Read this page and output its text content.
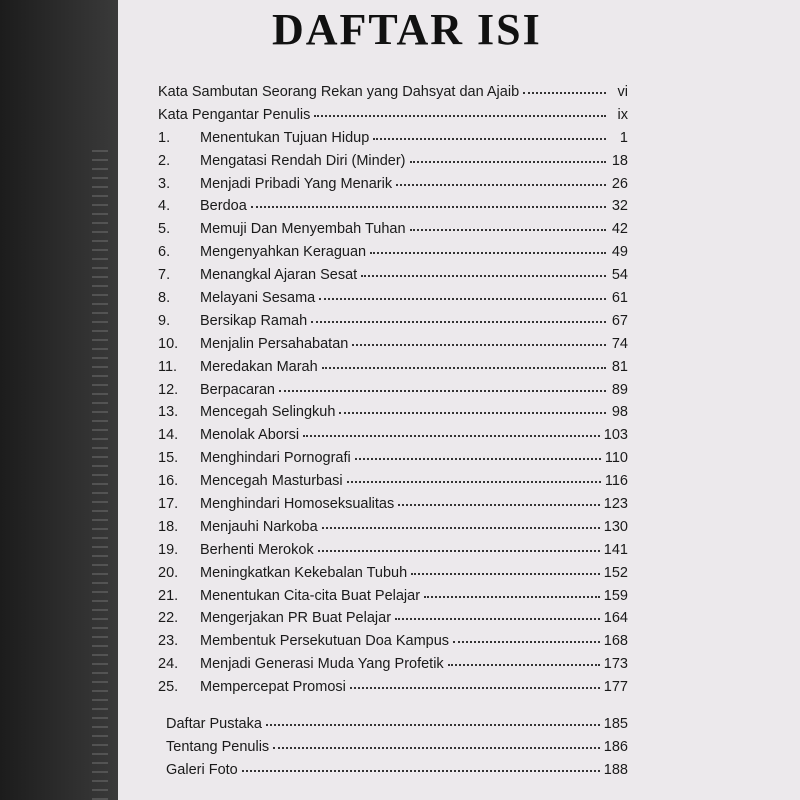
DAFTAR ISI
Kata Sambutan Seorang Rekan yang Dahsyat dan Ajaib	vi
Kata Pengantar Penulis	ix
1.	Menentukan Tujuan Hidup	1
2.	Mengatasi Rendah Diri (Minder)	18
3.	Menjadi Pribadi Yang Menarik	26
4.	Berdoa	32
5.	Memuji Dan Menyembah Tuhan	42
6.	Mengenyahkan Keraguan	49
7.	Menangkal Ajaran Sesat	54
8.	Melayani Sesama	61
9.	Bersikap Ramah	67
10.	Menjalin Persahabatan	74
11.	Meredakan Marah	81
12.	Berpacaran	89
13.	Mencegah Selingkuh	98
14.	Menolak Aborsi	103
15.	Menghindari Pornografi	110
16.	Mencegah Masturbasi	116
17.	Menghindari Homoseksualitas	123
18.	Menjauhi Narkoba	130
19.	Berhenti Merokok	141
20.	Meningkatkan Kekebalan Tubuh	152
21.	Menentukan Cita-cita Buat Pelajar	159
22.	Mengerjakan PR Buat Pelajar	164
23.	Membentuk Persekutuan Doa Kampus	168
24.	Menjadi Generasi Muda Yang Profetik	173
25.	Mempercepat Promosi	177
Daftar Pustaka	185
Tentang Penulis	186
Galeri Foto	188
